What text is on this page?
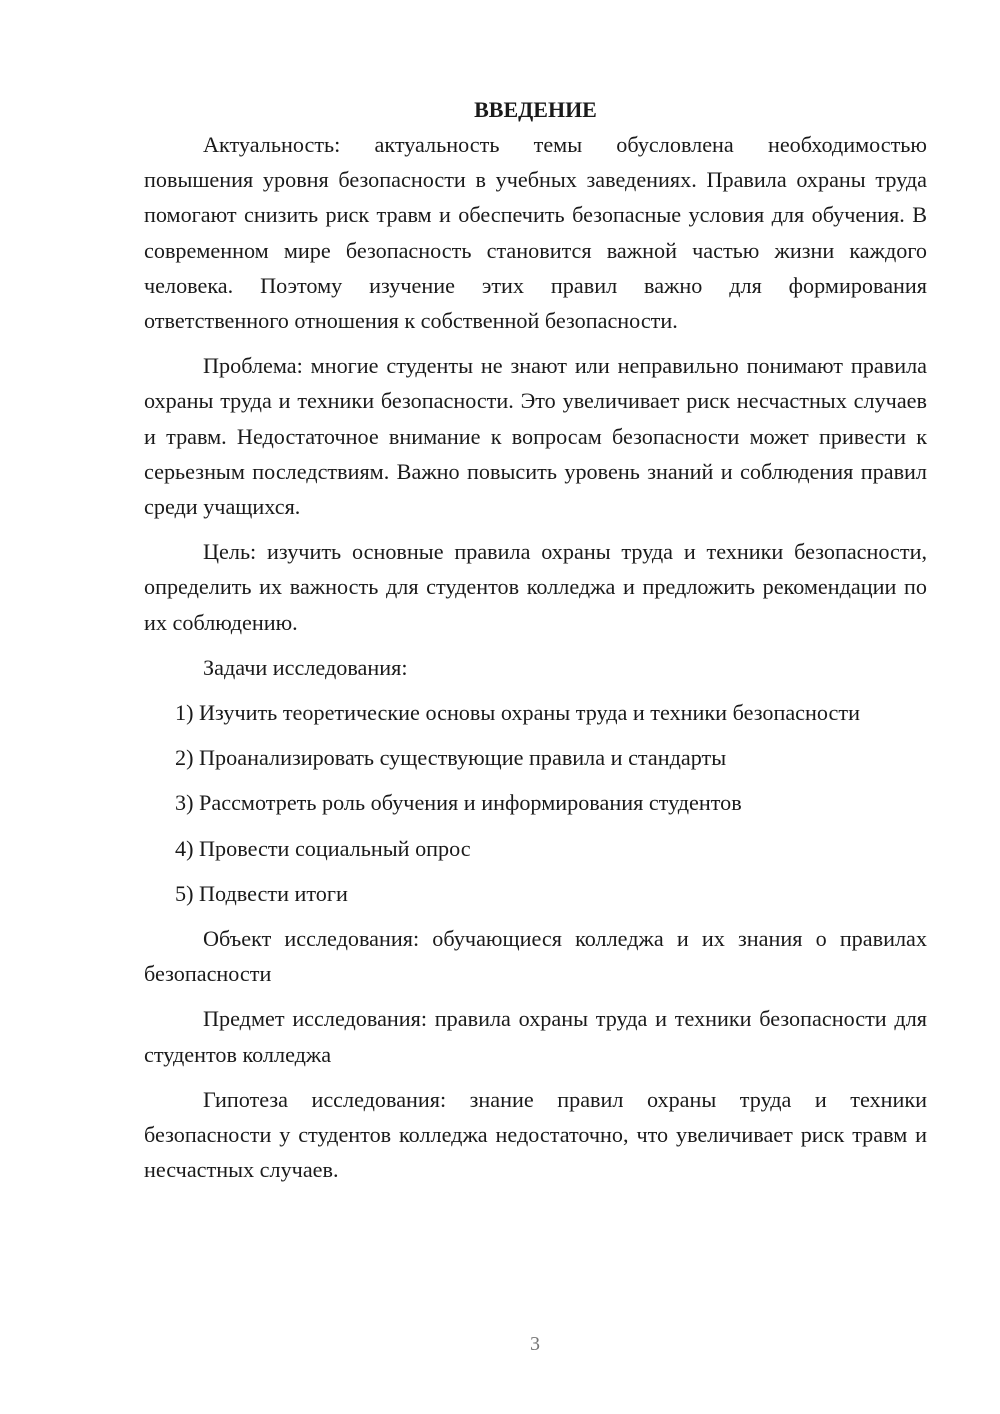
ВВЕДЕНИЕ

Актуальность: актуальность темы обусловлена необходимостью повышения уровня безопасности в учебных заведениях. Правила охраны труда помогают снизить риск травм и обеспечить безопасные условия для обучения. В современном мире безопасность становится важной частью жизни каждого человека. Поэтому изучение этих правил важно для формирования ответственного отношения к собственной безопасности.

Проблема: многие студенты не знают или неправильно понимают правила охраны труда и техники безопасности. Это увеличивает риск несчастных случаев и травм. Недостаточное внимание к вопросам безопасности может привести к серьезным последствиям. Важно повысить уровень знаний и соблюдения правил среди учащихся.

Цель: изучить основные правила охраны труда и техники безопасности, определить их важность для студентов колледжа и предложить рекомендации по их соблюдению.

Задачи исследования:

1) Изучить теоретические основы охраны труда и техники безопасности

2) Проанализировать существующие правила и стандарты

3) Рассмотреть роль обучения и информирования студентов

4) Провести социальный опрос

5) Подвести итоги

Объект исследования: обучающиеся колледжа и их знания о правилах безопасности

Предмет исследования: правила охраны труда и техники безопасности для студентов колледжа

Гипотеза исследования: знание правил охраны труда и техники безопасности у студентов колледжа недостаточно, что увеличивает риск травм и несчастных случаев.

3
